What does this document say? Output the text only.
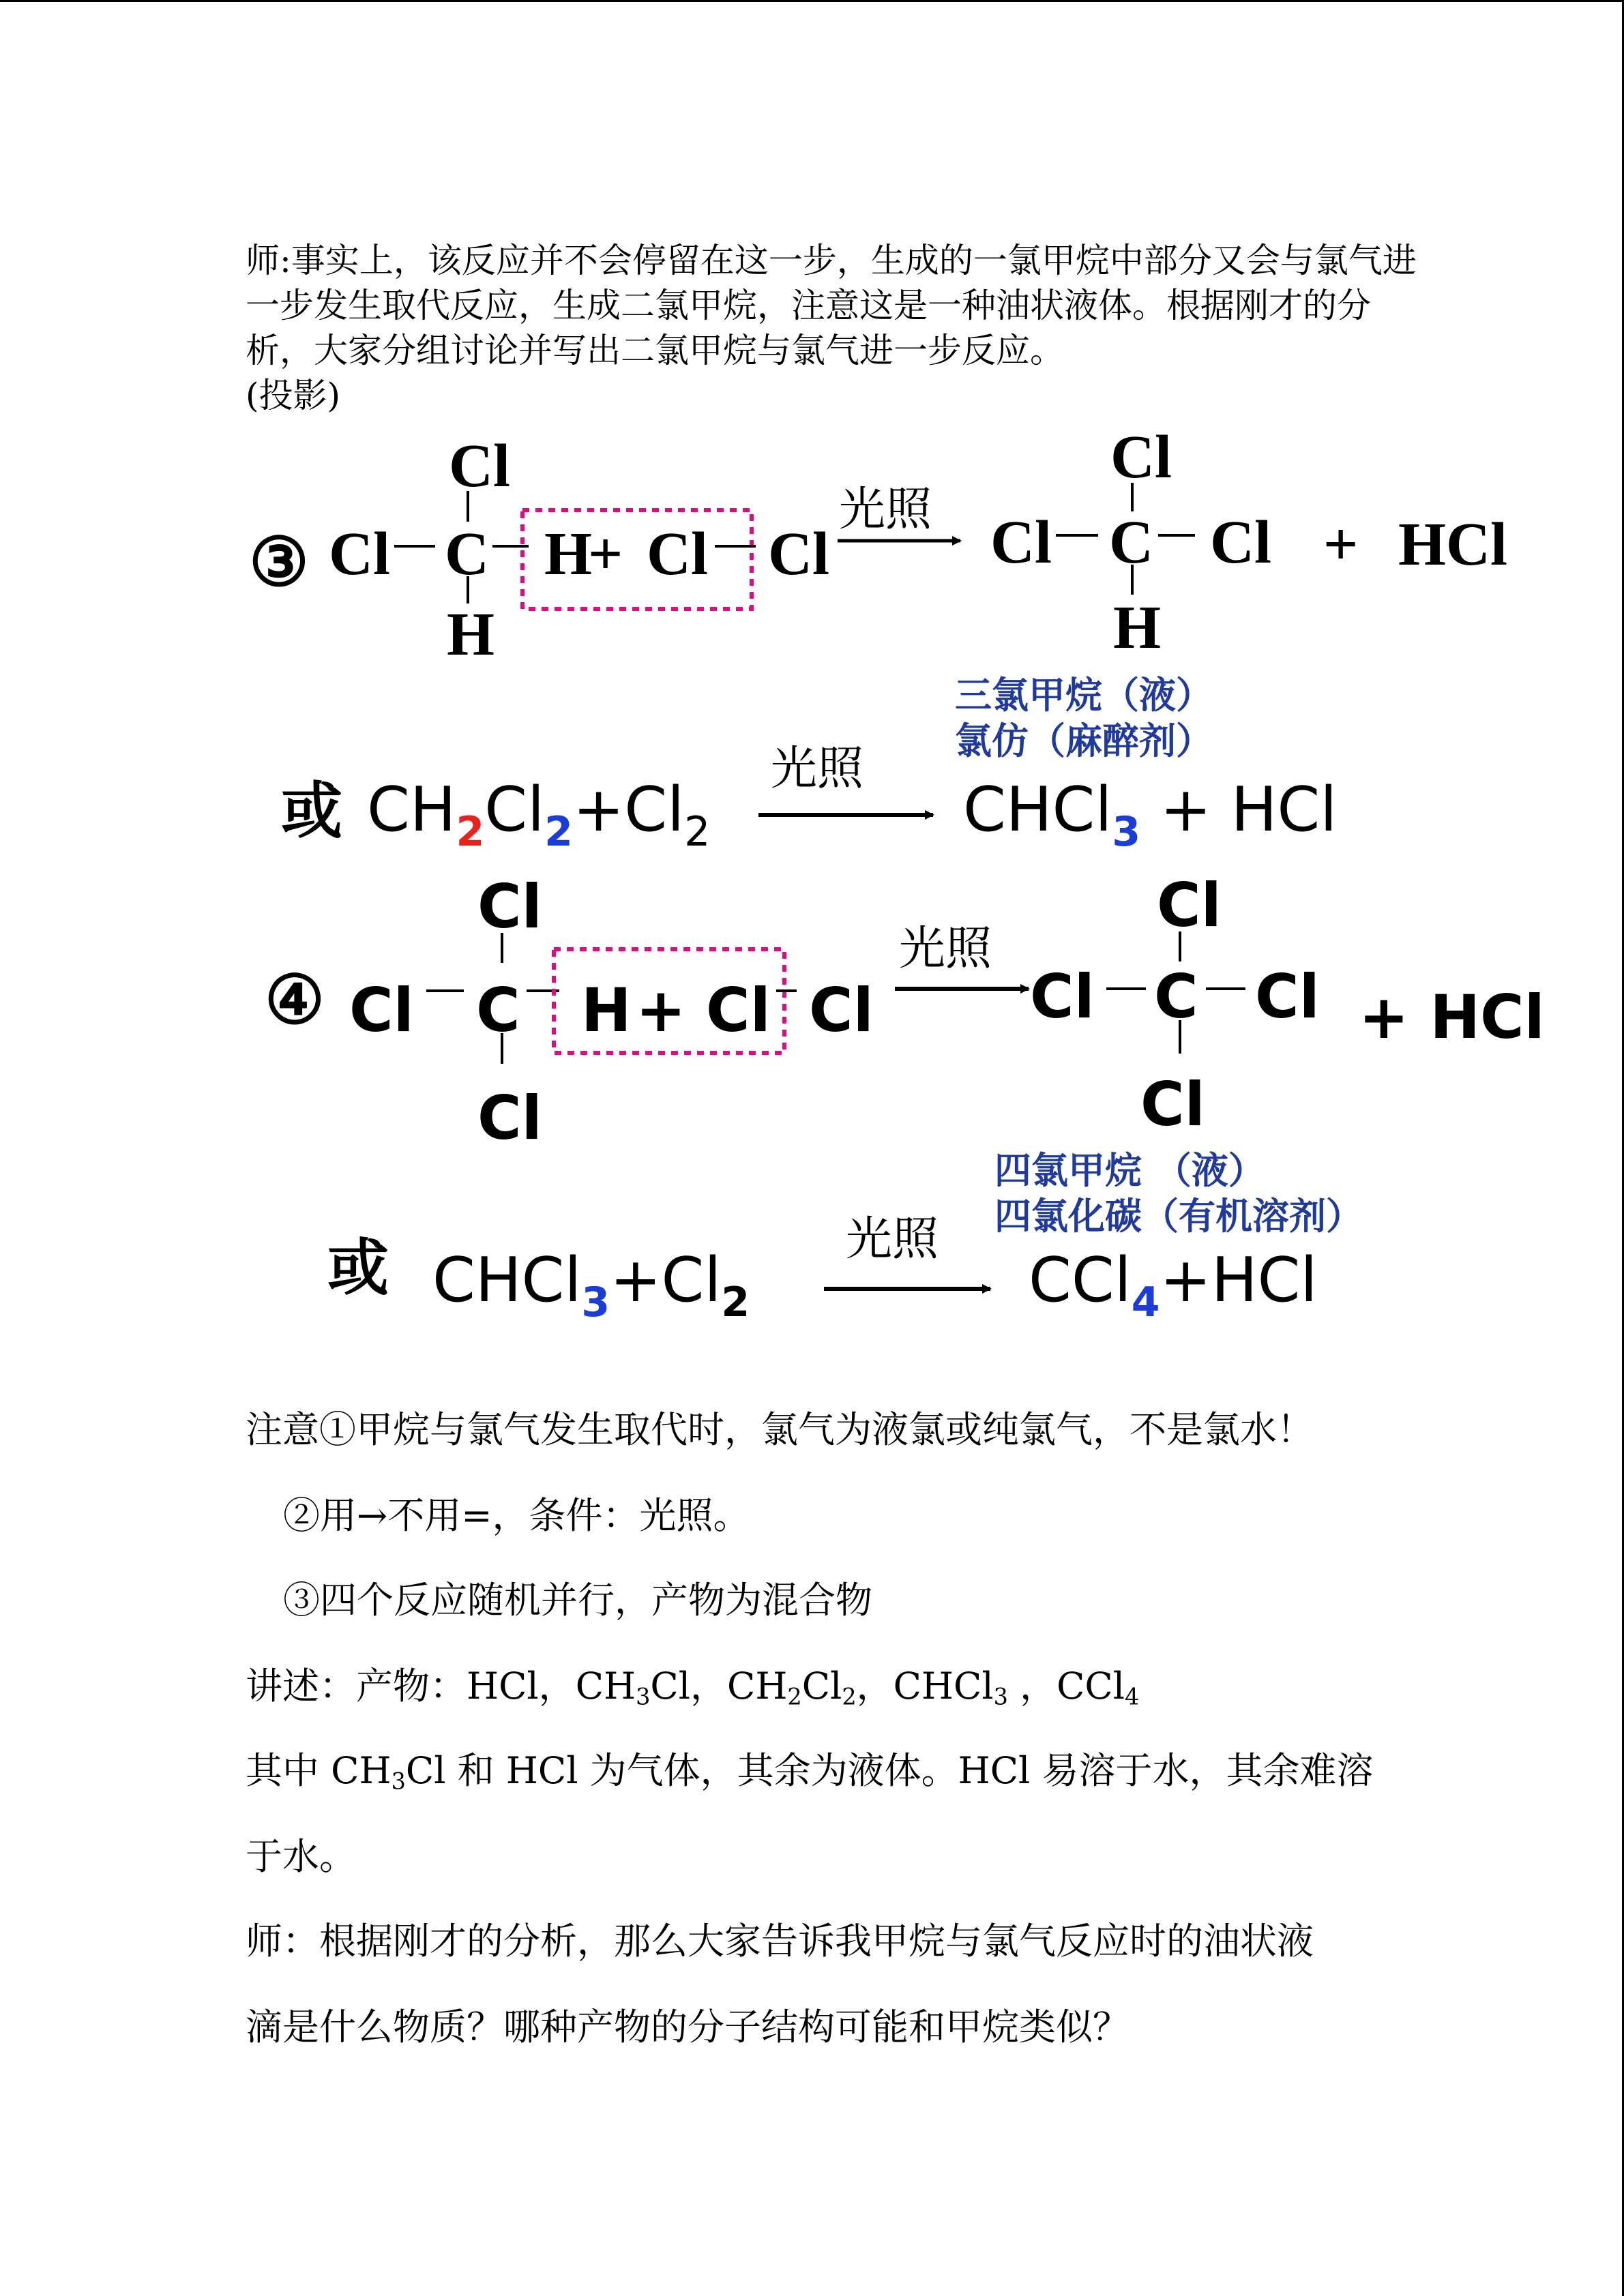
师:事实上，该反应并不会停留在这一步，生成的一氯甲烷中部分又会与氯气进
一步发生取代反应，生成二氯甲烷，注意这是一种油状液体。根据刚才的分
析，大家分组讨论并写出二氯甲烷与氯气进一步反应。
(投影)
③ Cl
Cl
C
H
H
+ Cl Cl
光照 Cl
Cl
C
H
Cl + HCl
三氯甲烷（液）
氯仿（麻醉剂）
或 $CH_2Cl_2+Cl_2$
光照
CHCl$_3$ + HCl
④ Cl
Cl
C
Cl
H + Cl Cl
光照
Cl
Cl
C
Cl
Cl + HCl
四氯甲烷 （液）
四氯化碳（有机溶剂）
或 $CHCl_3+Cl_2$
光照
CCl$_4$+HCl
注意①甲烷与氯气发生取代时，氯气为液氯或纯氯气，不是氯水！
②用→不用=，条件：光照。
③四个反应随机并行，产物为混合物
讲述：产物：HCl，$CH_3Cl$，$CH_2Cl_2$，CHCl$_3$ ，CCl$_4$
其中 $CH_3Cl$ 和 HCl 为气体，其余为液体。HCl 易溶于水，其余难溶
于水。
师：根据刚才的分析，那么大家告诉我甲烷与氯气反应时的油状液
滴是什么物质？哪种产物的分子结构可能和甲烷类似？
